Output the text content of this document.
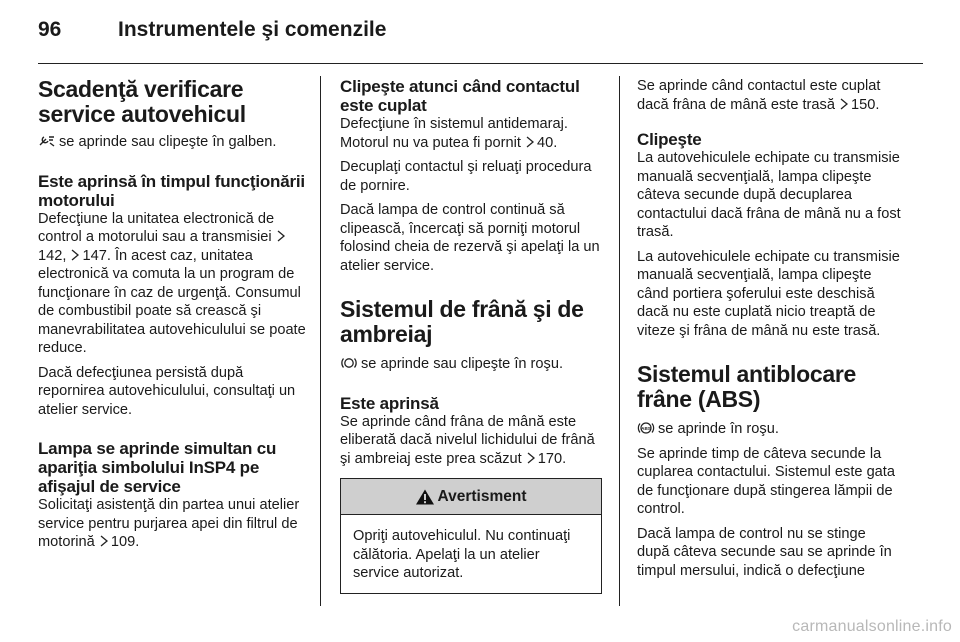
96	Instrumentele şi comenzile
Scadenţă verificare service autovehicul
se aprinde sau clipeşte în galben.
Este aprinsă în timpul funcţionării motorului
Defecţiune la unitatea electronică de control a motorului sau a transmisiei 142, 147. În acest caz, unitatea electronică va comuta la un program de funcţionare în caz de urgenţă. Consumul de combustibil poate să crească şi manevrabilitatea autovehiculului se poate reduce.
Dacă defecţiunea persistă după repornirea autovehiculului, consultaţi un atelier service.
Lampa se aprinde simultan cu apariţia simbolului InSP4 pe afişajul de service
Solicitaţi asistenţă din partea unui atelier service pentru purjarea apei din filtrul de motorină 109.
Clipeşte atunci când contactul este cuplat
Defecţiune în sistemul antidemaraj. Motorul nu va putea fi pornit 40.
Decuplaţi contactul şi reluaţi procedura de pornire.
Dacă lampa de control continuă să clipească, încercaţi să porniţi motorul folosind cheia de rezervă şi apelaţi la un atelier service.
Sistemul de frână şi de ambreiaj
se aprinde sau clipeşte în roşu.
Este aprinsă
Se aprinde când frâna de mână este eliberată dacă nivelul lichidului de frână şi ambreiaj este prea scăzut 170.
Avertisment
Opriţi autovehiculul. Nu continuaţi călătoria. Apelaţi la un atelier service autorizat.
Se aprinde când contactul este cuplat dacă frâna de mână este trasă 150.
Clipeşte
La autovehiculele echipate cu transmisie manuală secvenţială, lampa clipeşte câteva secunde după decuplarea contactului dacă frâna de mână nu a fost trasă.
La autovehiculele echipate cu transmisie manuală secvenţială, lampa clipeşte când portiera şoferului este deschisă dacă nu este cuplată nicio treaptă de viteze şi frâna de mână nu este trasă.
Sistemul antiblocare frâne (ABS)
ABS se aprinde în roşu.
Se aprinde timp de câteva secunde la cuplarea contactului. Sistemul este gata de funcţionare după stingerea lămpii de control.
Dacă lampa de control nu se stinge după câteva secunde sau se aprinde în timpul mersului, indică o defecţiune
carmanualsonline.info
